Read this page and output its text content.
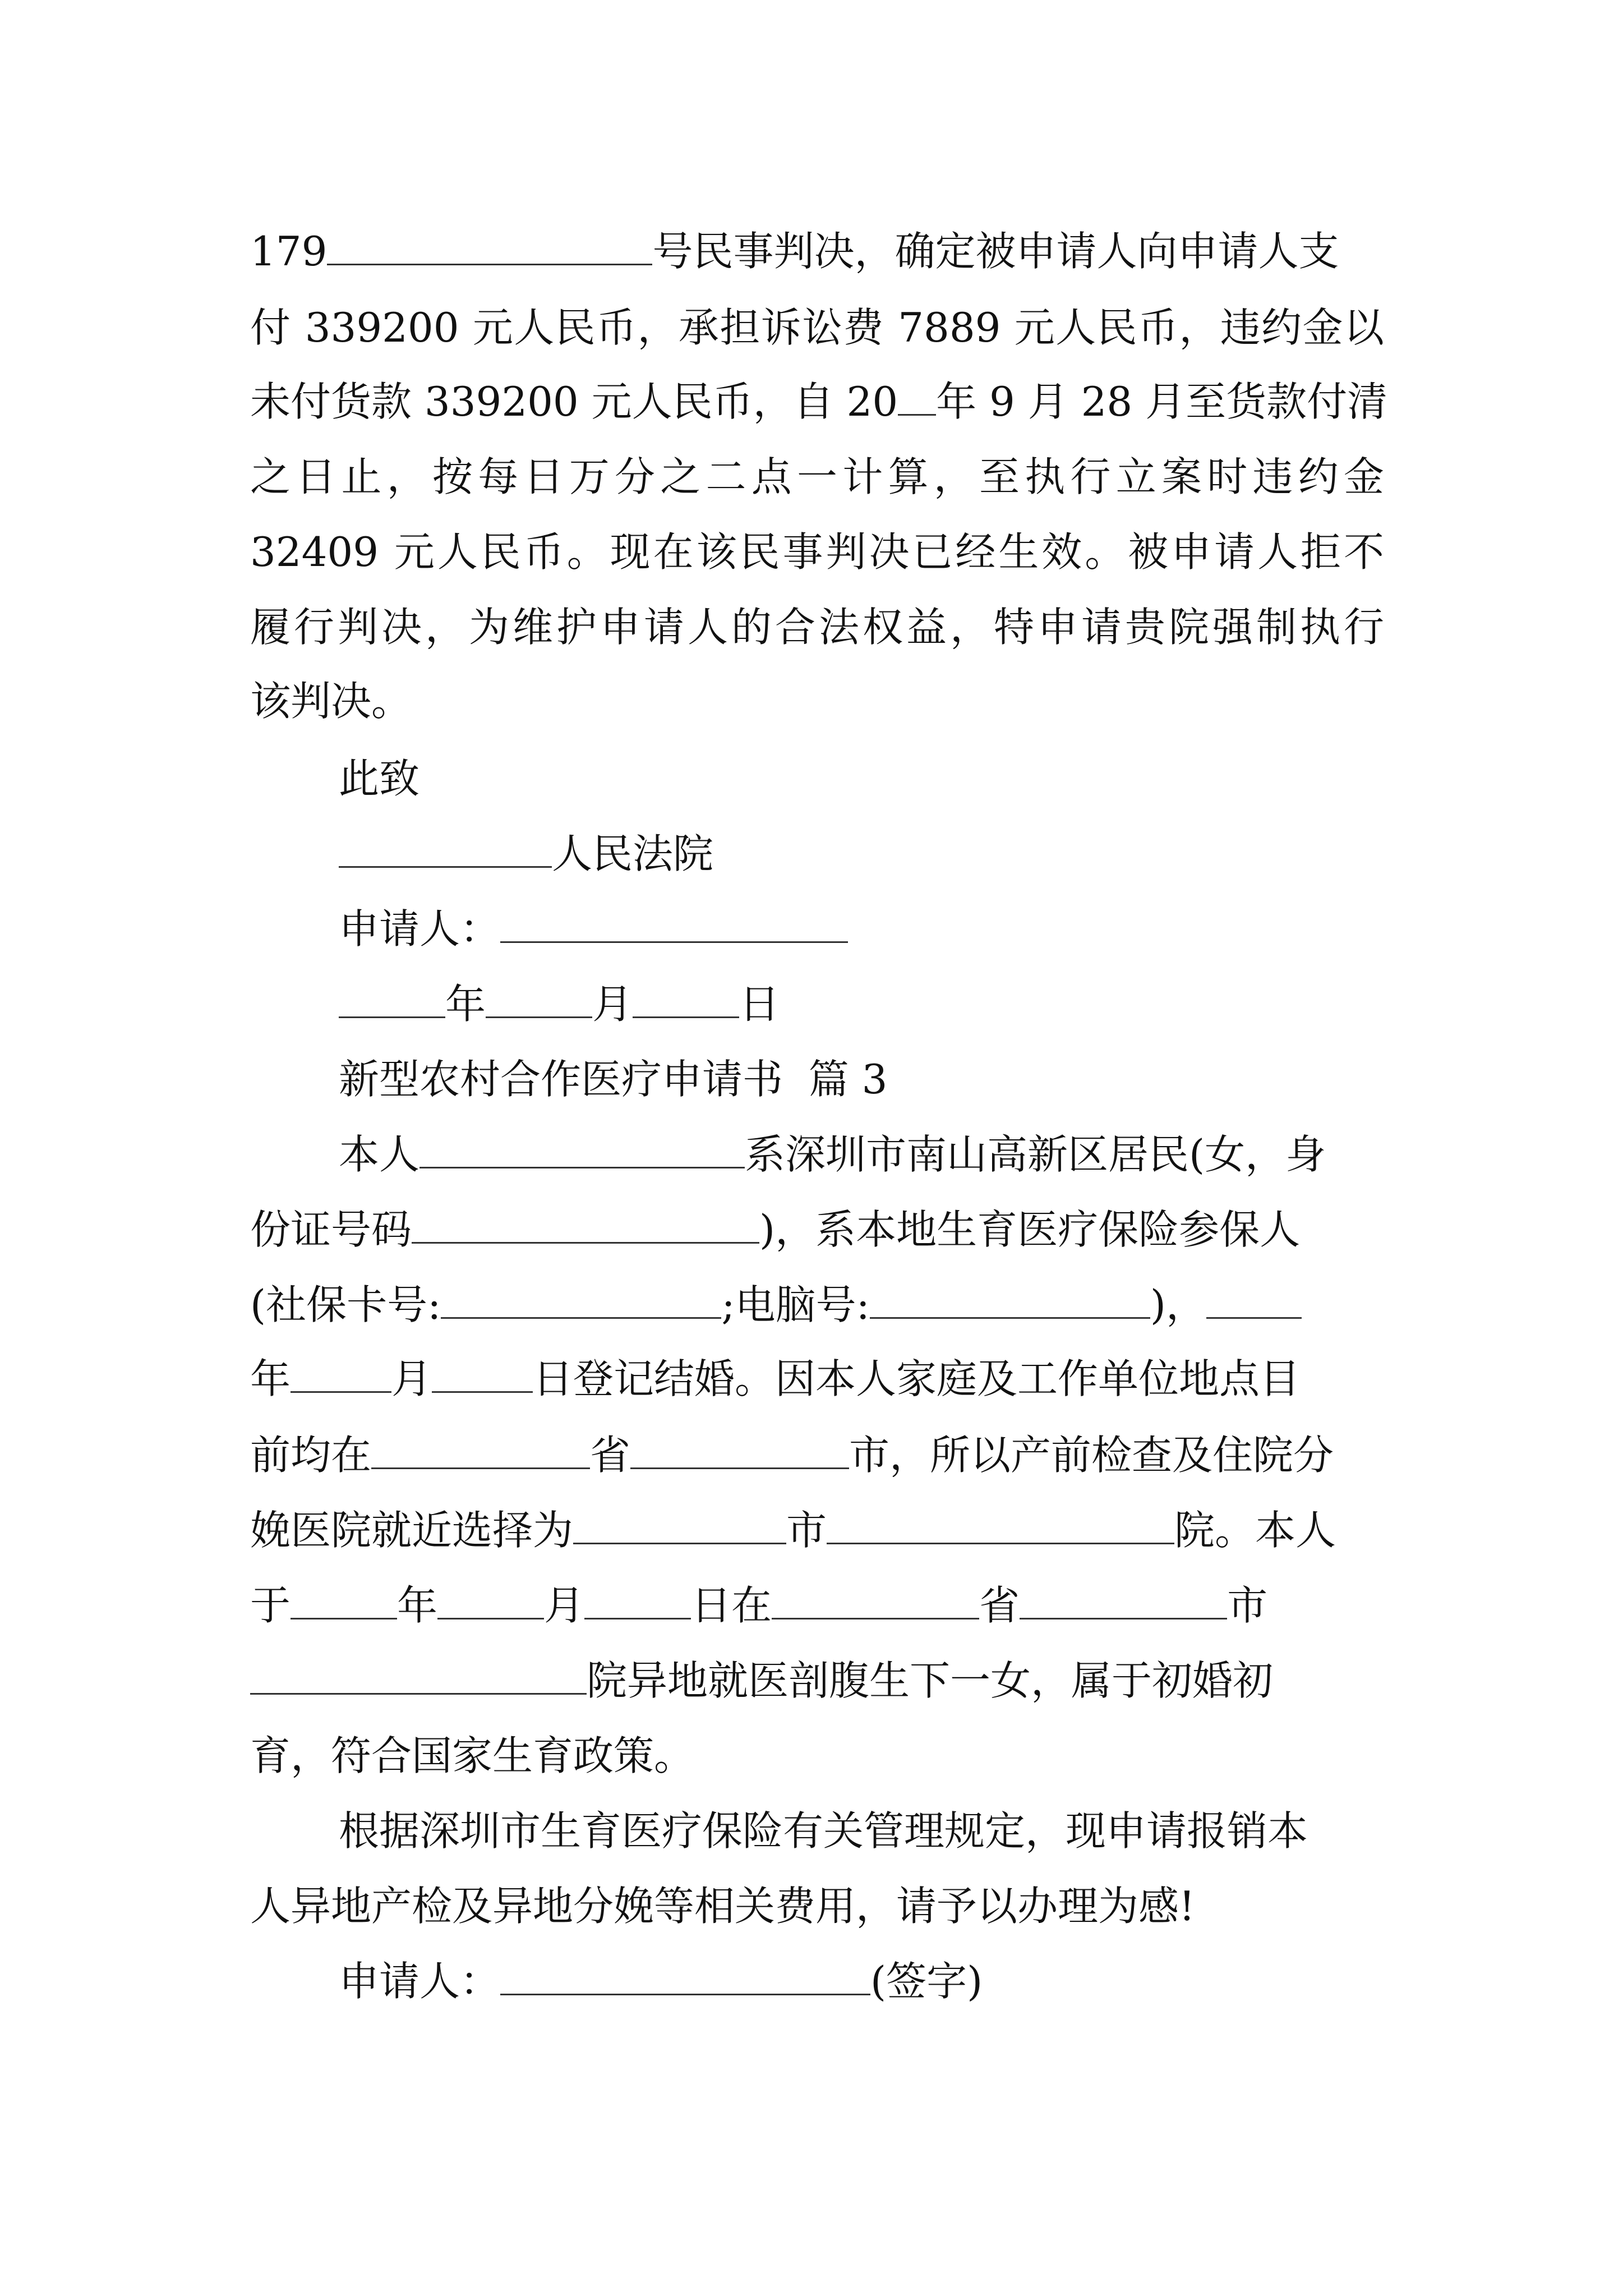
179	号民事判决，确定被申请人向申请人支
付 339200 元人民币，承担诉讼费 7889 元人民币，违约金以
未付货款 339200 元人民币，自 20 年 9 月 28 月至货款付清
之日止，按每日万分之二点一计算，至执行立案时违约金
32409 元人民币。现在该民事判决已经生效。被申请人拒不
履行判决，为维护申请人的合法权益，特申请贵院强制执行
该判决。
此致
人民法院
申请人：
年	月	日
新型农村合作医疗申请书  篇 3
本人	系深圳市南山高新区居民(女，身
份证号码	)，系本地生育医疗保险参保人
(社保卡号:	;电脑号:	)，
年	月	日登记结婚。因本人家庭及工作单位地点目
前均在	省	市，所以产前检查及住院分
娩医院就近选择为	市	院。本人
于	年	月	日在	省	市
院异地就医剖腹生下一女，属于初婚初
育，符合国家生育政策。
根据深圳市生育医疗保险有关管理规定，现申请报销本
人异地产检及异地分娩等相关费用，请予以办理为感!
申请人：	(签字)
